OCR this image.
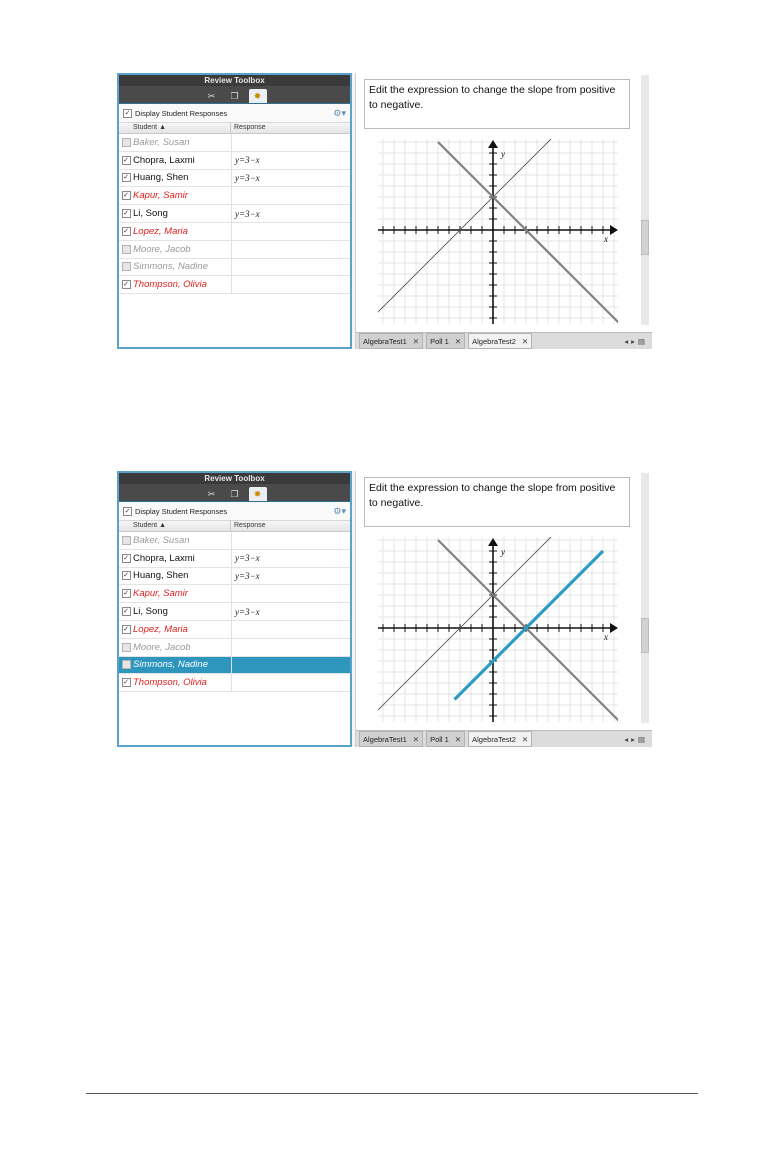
Review Toolbox
✂	❐	✸
✓ Display Student Responses	⚙▾
Student ▲	Response
Baker, Susan
✓ Chopra, Laxmi	y=3−x
✓ Huang, Shen	y=3−x
✓ Kapur, Samir
✓ Li, Song	y=3−x
✓ Lopez, Maria
Moore, Jacob
Simmons, Nadine
✓ Thompson, Olivia
Edit the expression to change the slope from positive to negative.
x
y
AlgebraTest1 ✕ Poll 1 ✕ AlgebraTest2 ✕	◂▸▤
Review Toolbox
✂	❐	✸
✓ Display Student Responses	⚙▾
Student ▲	Response
Baker, Susan
✓ Chopra, Laxmi	y=3−x
✓ Huang, Shen	y=3−x
✓ Kapur, Samir
✓ Li, Song	y=3−x
✓ Lopez, Maria
Moore, Jacob
Simmons, Nadine
✓ Thompson, Olivia
Edit the expression to change the slope from positive to negative.
x
y
AlgebraTest1 ✕ Poll 1 ✕ AlgebraTest2 ✕	◂▸▤
